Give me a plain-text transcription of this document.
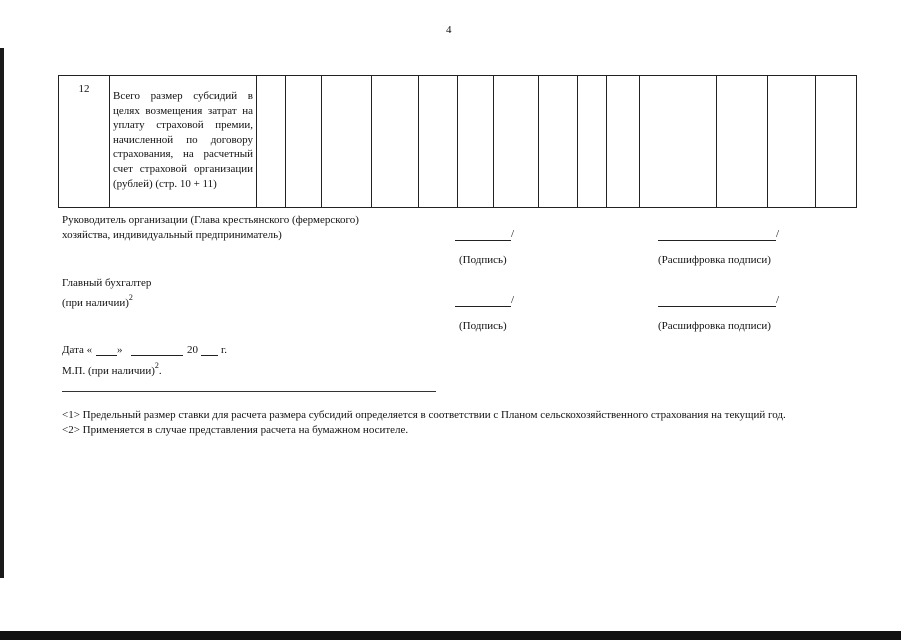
4
12	Всего размер субсидий в целях возмещения затрат на уплату страховой премии, начисленной по договору страхования, на расчетный счет страховой организации (рублей) (стр. 10 + 11)														
Руководитель организации (Глава крестьянского (фермерского)
хозяйства, индивидуальный предприниматель)	/	/
(Подпись)	(Расшифровка подписи)
Главный бухгалтер
(при наличии)$^2$	/	/
(Подпись)	(Расшифровка подписи)
Дата « »	20 г.
М.П. (при наличии)$^2$.
<1> Предельный размер ставки для расчета размера субсидий определяется в соответствии с Планом сельскохозяйственного страхования на текущий год.
<2> Применяется в случае представления расчета на бумажном носителе.
